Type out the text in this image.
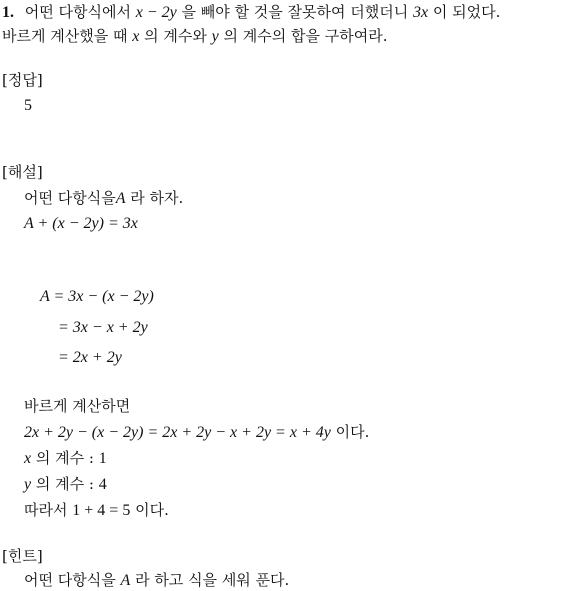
1. 어떤 다항식에서 x − 2y 을 빼야 할 것을 잘못하여 더했더니 3x 이 되었다.
바르게 계산했을 때 x 의 계수와 y 의 계수의 합을 구하여라.
[정답]
5
[해설]
어떤 다항식을A 라 하자.
A + (x − 2y) = 3x
A = 3x − (x − 2y)
= 3x − x + 2y
= 2x + 2y
바르게 계산하면
2x + 2y − (x − 2y) = 2x + 2y − x + 2y = x + 4y 이다.
x 의 계수 : 1
y 의 계수 : 4
따라서 1 + 4 = 5 이다.
[힌트]
어떤 다항식을 A 라 하고 식을 세워 푼다.
